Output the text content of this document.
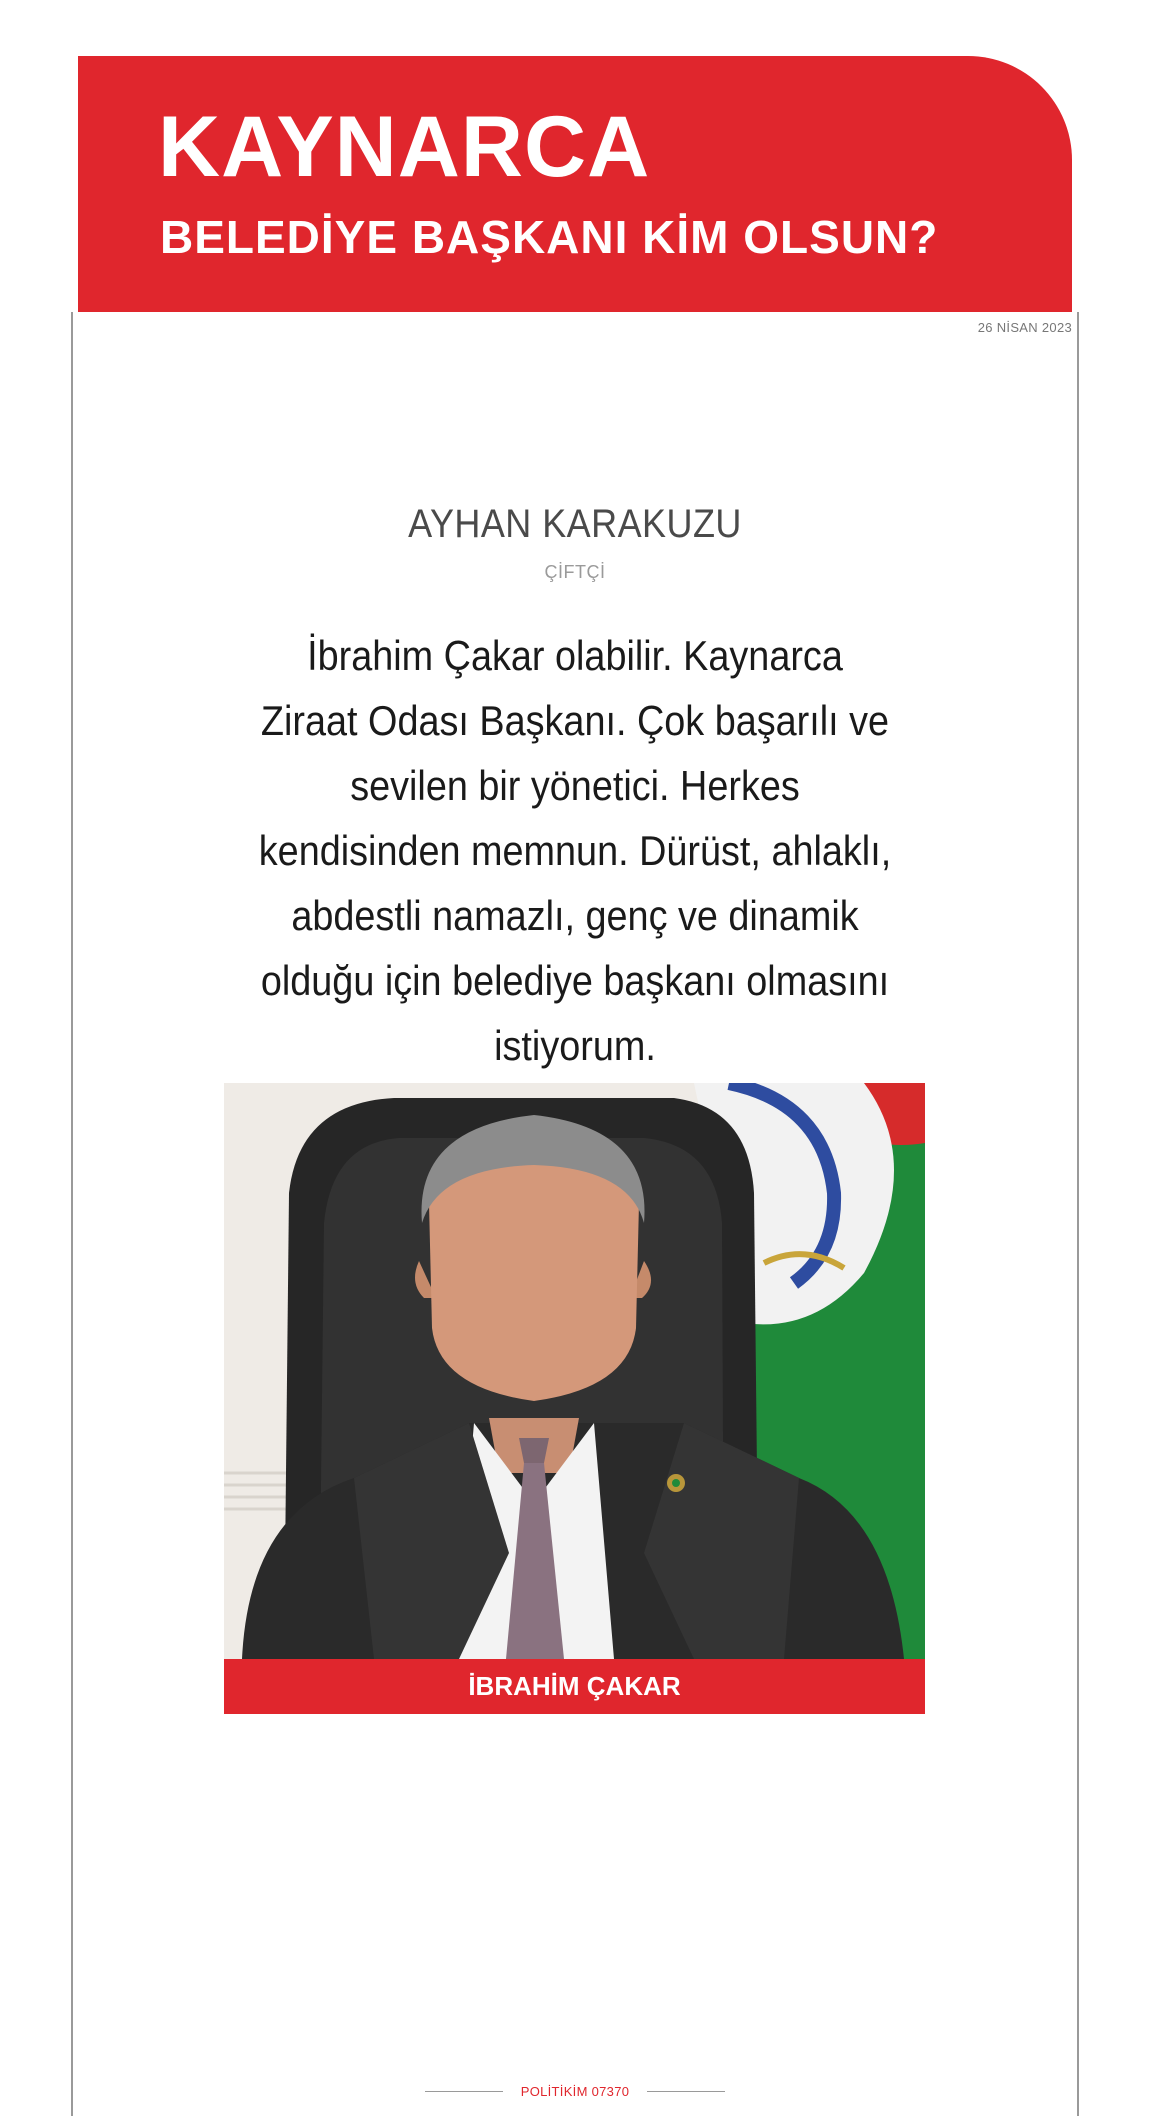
KAYNARCA
BELEDİYE BAŞKANI KİM OLSUN?
26 NİSAN 2023
AYHAN KARAKUZU
ÇİFTÇİ

İbrahim Çakar olabilir. Kaynarca Ziraat Odası Başkanı. Çok başarılı ve sevilen bir yönetici. Herkes kendisinden memnun. Dürüst, ahlaklı, abdestli namazlı, genç ve dinamik olduğu için belediye başkanı olmasını istiyorum.

İBRAHİM ÇAKAR
POLİTİKİM 07370
